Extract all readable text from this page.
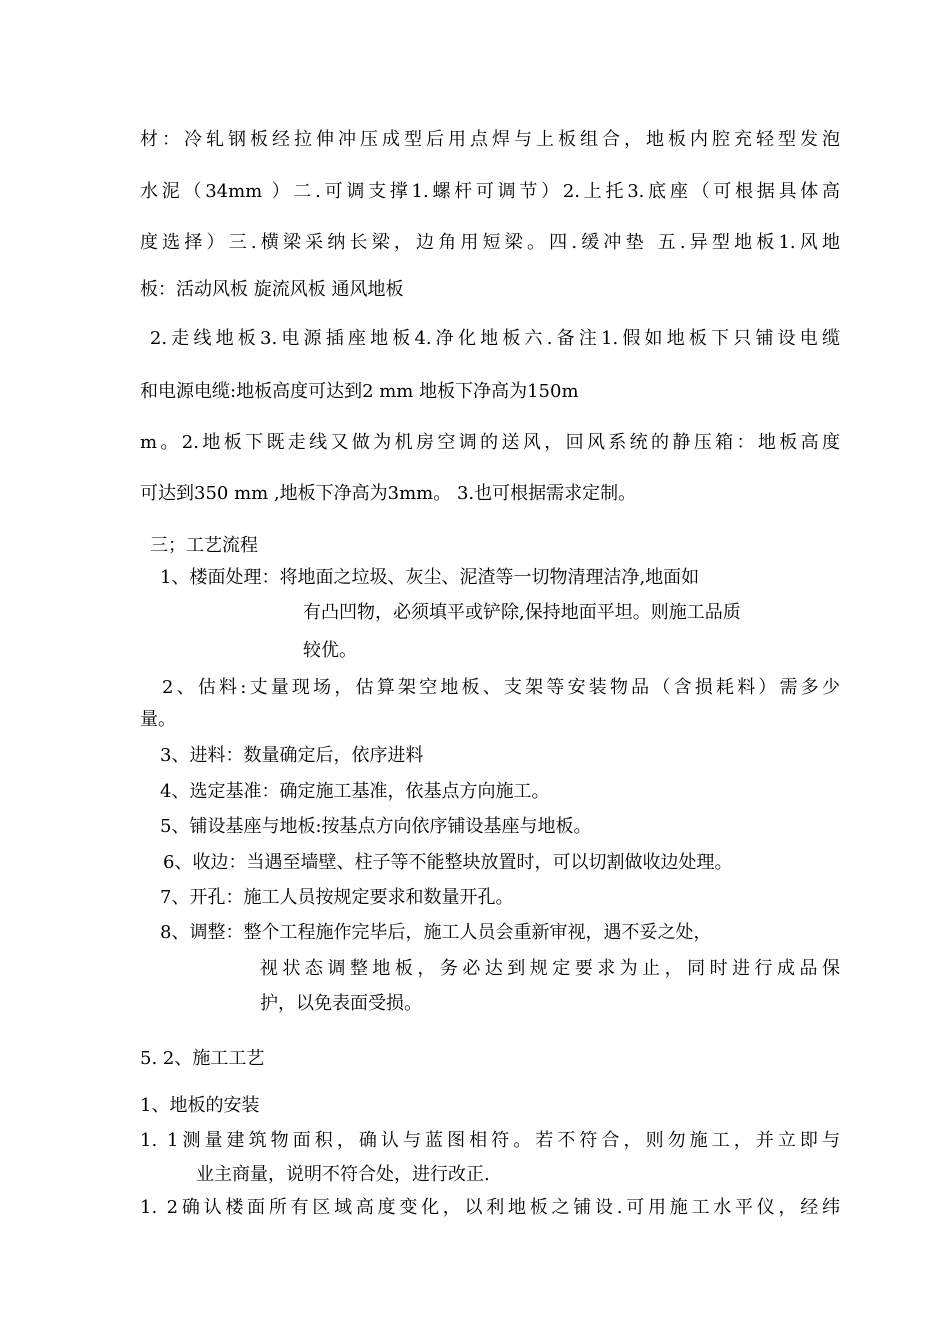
材：冷轧钢板经拉伸冲压成型后用点焊与上板组合，地板内腔充轻型发泡
水泥（34mm ）二.可调支撑1.螺杆可调节）2.上托3.底座（可根据具体高
度选择）三.横梁采纳长梁，边角用短梁。四.缓冲垫 五.异型地板1.风地
板：活动风板 旋流风板 通风地板
2.走线地板3.电源插座地板4.净化地板六.备注1.假如地板下只铺设电缆
和电源电缆:地板高度可达到2 mm 地板下净高为150m
m。2.地板下既走线又做为机房空调的送风，回风系统的静压箱：地板高度
可达到350 mm ,地板下净高为3mm。 3.也可根据需求定制。
三；工艺流程
1、楼面处理：将地面之垃圾、灰尘、泥渣等一切物清理洁净,地面如
有凸凹物，必须填平或铲除,保持地面平坦。则施工品质
较优。
2、估料:丈量现场，估算架空地板、支架等安装物品（含损耗料）需多少
量。
3、进料：数量确定后，依序进料
4、选定基准：确定施工基准，依基点方向施工。
5、铺设基座与地板:按基点方向依序铺设基座与地板。
6、收边：当遇至墙壁、柱子等不能整块放置时，可以切割做收边处理。
7、开孔：施工人员按规定要求和数量开孔。
8、调整：整个工程施作完毕后，施工人员会重新审视，遇不妥之处，
视状态调整地板，务必达到规定要求为止，同时进行成品保
护，以免表面受损。
5. 2、施工工艺
1、地板的安装
1. 1测量建筑物面积，确认与蓝图相符。若不符合，则勿施工，并立即与
业主商量，说明不符合处，进行改正.
1. 2确认楼面所有区域高度变化，以利地板之铺设.可用施工水平仪，经纬
